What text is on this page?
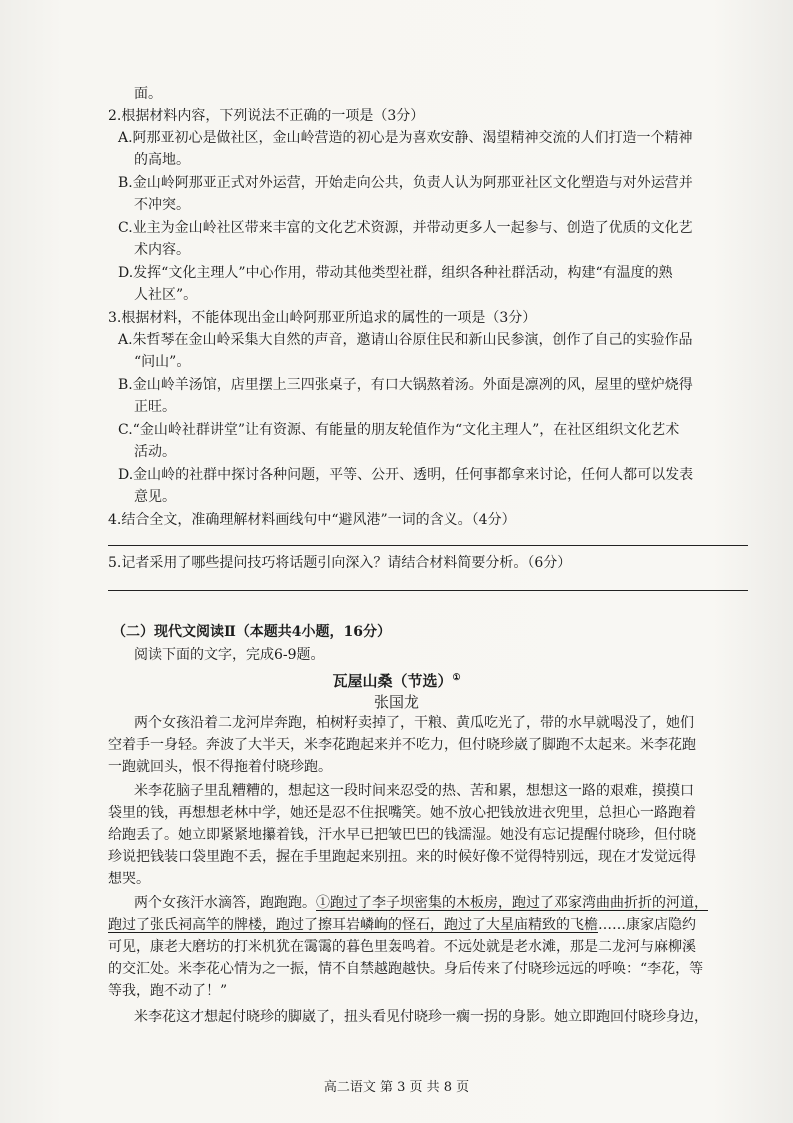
面。
2.根据材料内容，下列说法不正确的一项是（3分）
A.阿那亚初心是做社区，金山岭营造的初心是为喜欢安静、渴望精神交流的人们打造一个精神
的高地。
B.金山岭阿那亚正式对外运营，开始走向公共，负责人认为阿那亚社区文化塑造与对外运营并
不冲突。
C.业主为金山岭社区带来丰富的文化艺术资源，并带动更多人一起参与、创造了优质的文化艺
术内容。
D.发挥“文化主理人”中心作用，带动其他类型社群，组织各种社群活动，构建“有温度的熟
人社区”。
3.根据材料，不能体现出金山岭阿那亚所追求的属性的一项是（3分）
A.朱哲琴在金山岭采集大自然的声音，邀请山谷原住民和新山民参演，创作了自己的实验作品
“问山”。
B.金山岭羊汤馆，店里摆上三四张桌子，有口大锅熬着汤。外面是凛冽的风，屋里的壁炉烧得
正旺。
C.“金山岭社群讲堂”让有资源、有能量的朋友轮值作为“文化主理人”，在社区组织文化艺术
活动。
D.金山岭的社群中探讨各种问题，平等、公开、透明，任何事都拿来讨论，任何人都可以发表
意见。
4.结合全文，准确理解材料画线句中“避风港”一词的含义。（4分）
5.记者采用了哪些提问技巧将话题引向深入？请结合材料简要分析。（6分）
（二）现代文阅读Ⅱ（本题共4小题，16分）
阅读下面的文字，完成6-9题。
瓦屋山桑（节选）①
张国龙
两个女孩沿着二龙河岸奔跑，柏树籽卖掉了，干粮、黄瓜吃光了，带的水早就喝没了，她们
空着手一身轻。奔波了大半天，米李花跑起来并不吃力，但付晓珍崴了脚跑不太起来。米李花跑
一跑就回头，恨不得拖着付晓珍跑。
米李花脑子里乱糟糟的，想起这一段时间来忍受的热、苦和累，想想这一路的艰难，摸摸口
袋里的钱，再想想老林中学，她还是忍不住抿嘴笑。她不放心把钱放进衣兜里，总担心一路跑着
给跑丢了。她立即紧紧地攥着钱，汗水早已把皱巴巴的钱濡湿。她没有忘记提醒付晓珍，但付晓
珍说把钱装口袋里跑不丢，握在手里跑起来别扭。来的时候好像不觉得特别远，现在才发觉远得
想哭。
两个女孩汗水滴答，跑跑跑。①跑过了李子坝密集的木板房，跑过了邓家湾曲曲折折的河道，
跑过了张氏祠高竿的牌楼，跑过了擦耳岩嶙峋的怪石，跑过了大星庙精致的飞檐……康家店隐约
可见，康老大磨坊的打米机犹在霭霭的暮色里轰鸣着。不远处就是老水滩，那是二龙河与麻柳溪
的交汇处。米李花心情为之一振，情不自禁越跑越快。身后传来了付晓珍远远的呼唤：“李花，等
等我，跑不动了！”
米李花这才想起付晓珍的脚崴了，扭头看见付晓珍一瘸一拐的身影。她立即跑回付晓珍身边，
高二语文 第 3 页 共 8 页
